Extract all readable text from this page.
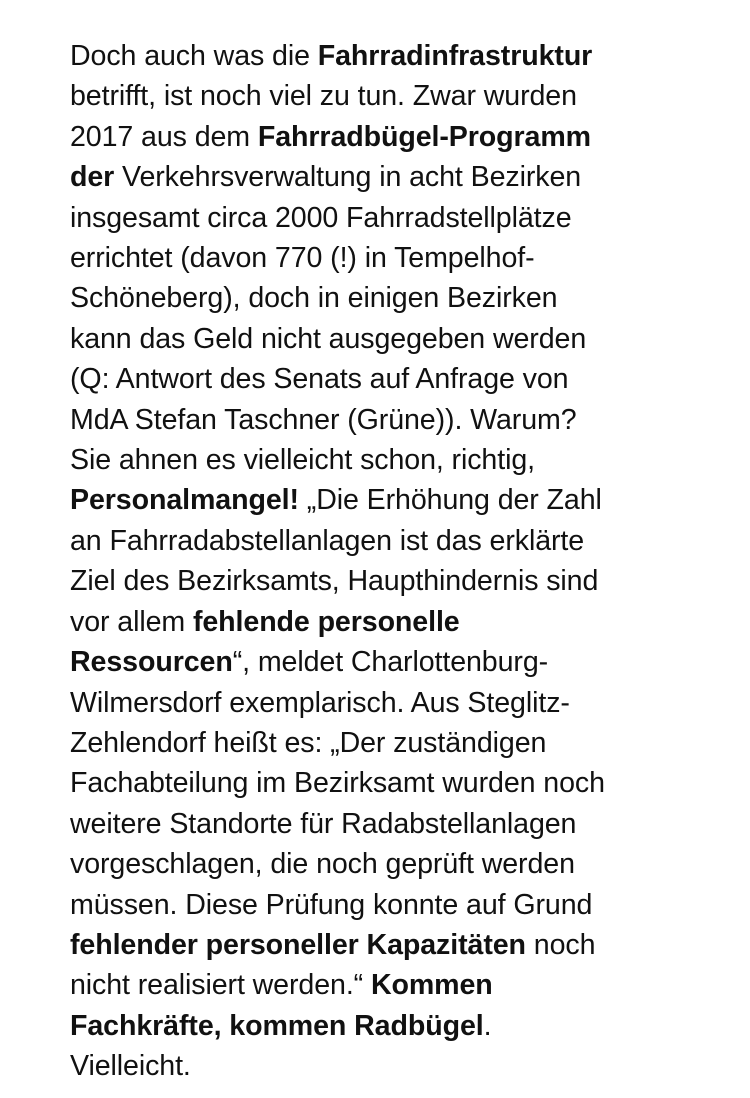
Doch auch was die Fahrradinfrastruktur
betrifft, ist noch viel zu tun. Zwar wurden
2017 aus dem Fahrradbügel-Programm
der Verkehrsverwaltung in acht Bezirken
insgesamt circa 2000 Fahrradstellplätze
errichtet (davon 770 (!) in Tempelhof-
Schöneberg), doch in einigen Bezirken
kann das Geld nicht ausgegeben werden
(Q: Antwort des Senats auf Anfrage von
MdA Stefan Taschner (Grüne)). Warum?
Sie ahnen es vielleicht schon, richtig,
Personalmangel! „Die Erhöhung der Zahl
an Fahrradabstellanlagen ist das erklärte
Ziel des Bezirksamts, Haupthindernis sind
vor allem fehlende personelle
Ressourcen“, meldet Charlottenburg-
Wilmersdorf exemplarisch. Aus Steglitz-
Zehlendorf heißt es: „Der zuständigen
Fachabteilung im Bezirksamt wurden noch
weitere Standorte für Radabstellanlagen
vorgeschlagen, die noch geprüft werden
müssen. Diese Prüfung konnte auf Grund
fehlender personeller Kapazitäten noch
nicht realisiert werden.“ Kommen
Fachkräfte, kommen Radbügel.
Vielleicht.
